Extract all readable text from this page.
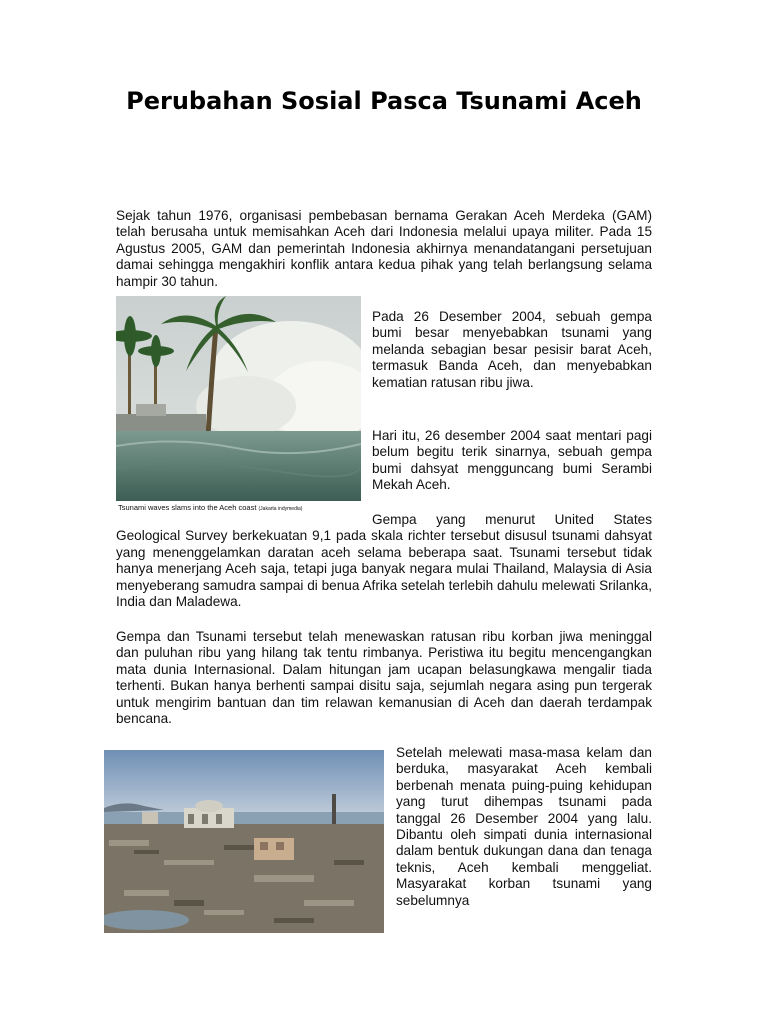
Perubahan Sosial Pasca Tsunami Aceh

Sejak tahun 1976, organisasi pembebasan bernama Gerakan Aceh Merdeka (GAM) telah berusaha untuk memisahkan Aceh dari Indonesia melalui upaya militer. Pada 15 Agustus 2005, GAM dan pemerintah Indonesia akhirnya menandatangani persetujuan damai sehingga mengakhiri konflik antara kedua pihak yang telah berlangsung selama hampir 30 tahun.

Tsunami waves slams into the Aceh coast (Jakarta indymedia)

Pada 26 Desember 2004, sebuah gempa bumi besar menyebabkan tsunami yang melanda sebagian besar pesisir barat Aceh, termasuk Banda Aceh, dan menyebabkan kematian ratusan ribu jiwa.

Hari itu, 26 desember 2004 saat mentari pagi belum begitu terik sinarnya, sebuah gempa bumi dahsyat mengguncang bumi Serambi Mekah Aceh.

Gempa yang menurut United States Geological Survey berkekuatan 9,1 pada skala richter tersebut disusul tsunami dahsyat yang menenggelamkan daratan aceh selama beberapa saat. Tsunami tersebut tidak hanya menerjang Aceh saja, tetapi juga banyak negara mulai Thailand, Malaysia di Asia menyeberang samudra sampai di benua Afrika setelah terlebih dahulu melewati Srilanka, India dan Maladewa.

Gempa dan Tsunami tersebut telah menewaskan ratusan ribu korban jiwa meninggal dan puluhan ribu yang hilang tak tentu rimbanya. Peristiwa itu begitu mencengangkan mata dunia Internasional. Dalam hitungan jam ucapan belasungkawa mengalir tiada terhenti. Bukan hanya berhenti sampai disitu saja, sejumlah negara asing pun tergerak untuk mengirim bantuan dan tim relawan kemanusian di Aceh dan daerah terdampak bencana.

Setelah melewati masa-masa kelam dan berduka, masyarakat Aceh kembali berbenah menata puing-puing kehidupan yang turut dihempas tsunami pada tanggal 26 Desember 2004 yang lalu. Dibantu oleh simpati dunia internasional dalam bentuk dukungan dana dan tenaga teknis, Aceh kembali menggeliat. Masyarakat korban tsunami yang sebelumnya
